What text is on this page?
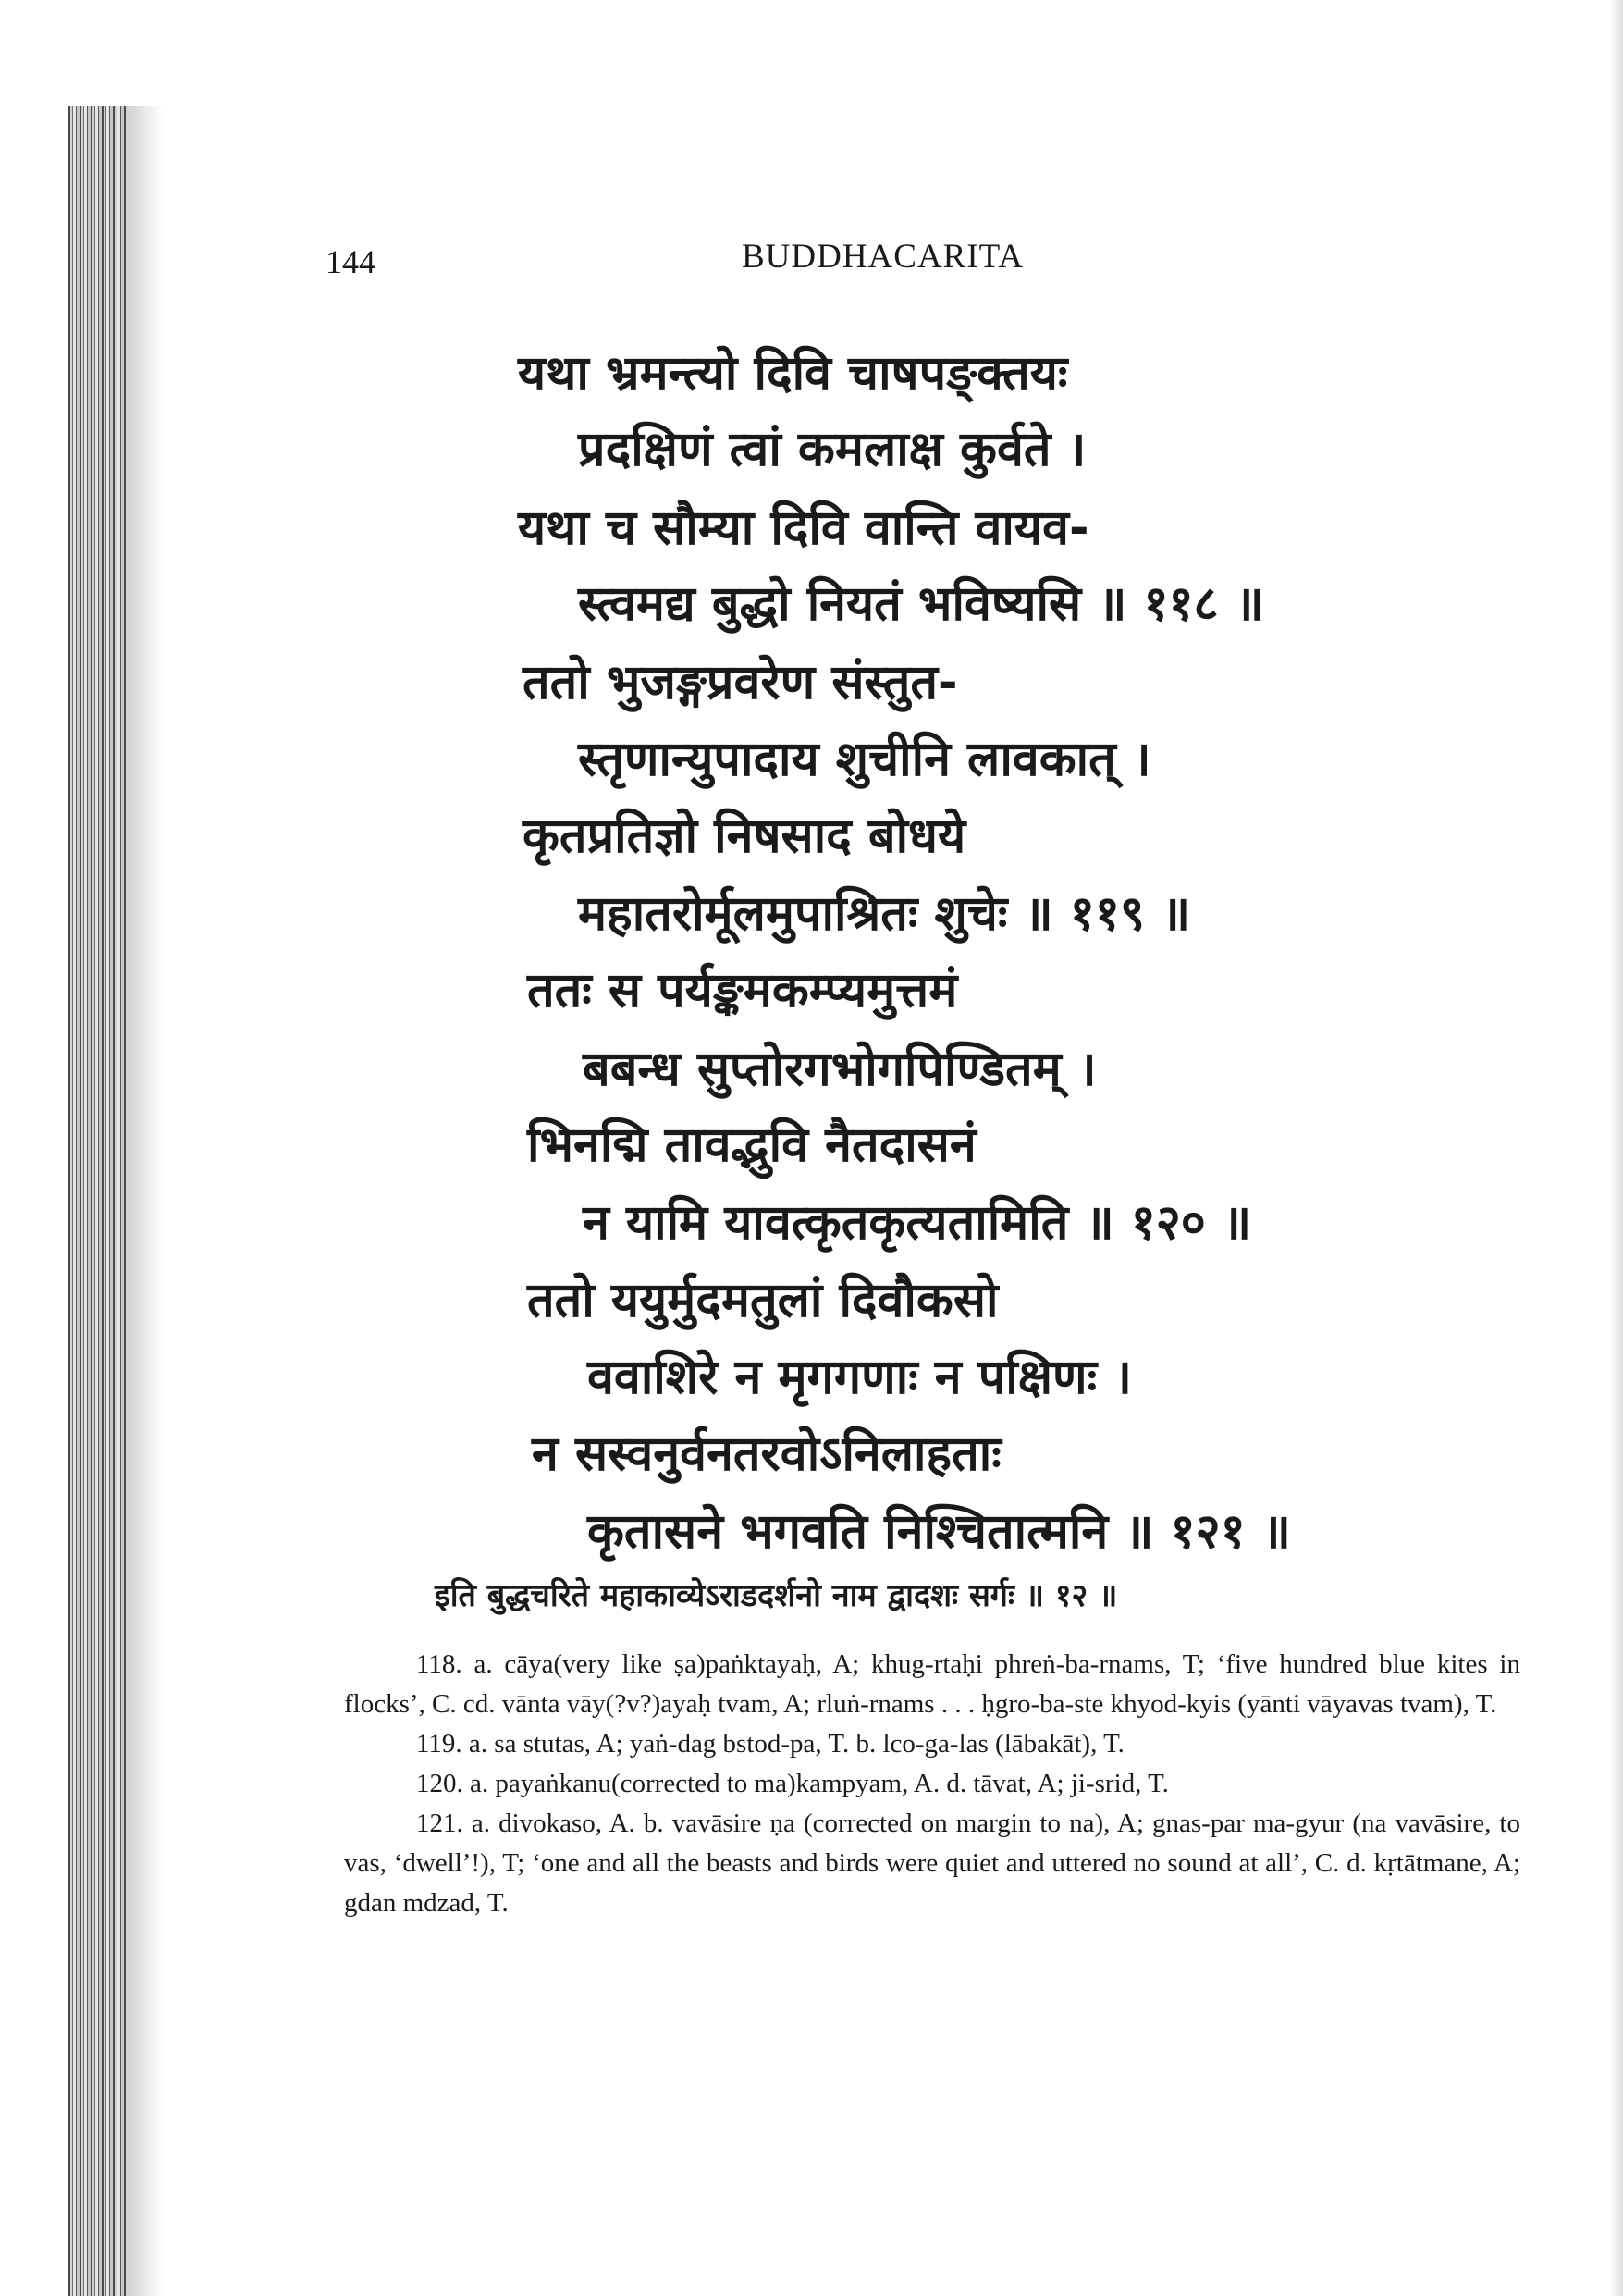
144	BUDDHACARITA
यथा भ्रमन्त्यो दिवि चाषपङ्क्तयः
प्रदक्षिणं त्वां कमलाक्ष कुर्वते ।
यथा च सौम्या दिवि वान्ति वायव-
स्त्वमद्य बुद्धो नियतं भविष्यसि ॥ ११८ ॥
ततो भुजङ्गप्रवरेण संस्तुत-
स्तृणान्युपादाय शुचीनि लावकात् ।
कृतप्रतिज्ञो निषसाद बोधये
महातरोर्मूलमुपाश्रितः शुचेः ॥ ११९ ॥
ततः स पर्यङ्कमकम्प्यमुत्तमं
बबन्ध सुप्तोरगभोगपिण्डितम् ।
भिनद्मि तावद्भुवि नैतदासनं
न यामि यावत्कृतकृत्यतामिति ॥ १२० ॥
ततो ययुर्मुदमतुलां दिवौकसो
ववाशिरे न मृगगणाः न पक्षिणः ।
न सस्वनुर्वनतरवोऽनिलाहताः
कृतासने भगवति निश्चितात्मनि ॥ १२१ ॥
इति बुद्धचरिते महाकाव्येऽराडदर्शनो नाम द्वादशः सर्गः ॥ १२ ॥

118. a. cāya(very like ṣa)paṅktayaḥ, A; khug-rtaḥi phreṅ-ba-rnams, T; ‘five hundred blue kites in flocks’, C. cd. vānta vāy(?v?)ayaḥ tvam, A; rluṅ-rnams . . . ḥgro-ba-ste khyod-kyis (yānti vāyavas tvam), T.

119. a. sa stutas, A; yaṅ-dag bstod-pa, T. b. lco-ga-las (lābakāt), T.

120. a. payaṅkanu(corrected to ma)kampyam, A. d. tāvat, A; ji-srid, T.

121. a. divokaso, A. b. vavāsire ṇa (corrected on margin to na), A; gnas-par ma-gyur (na vavāsire, to vas, ‘dwell’!), T; ‘one and all the beasts and birds were quiet and uttered no sound at all’, C. d. kṛtātmane, A; gdan mdzad, T.
